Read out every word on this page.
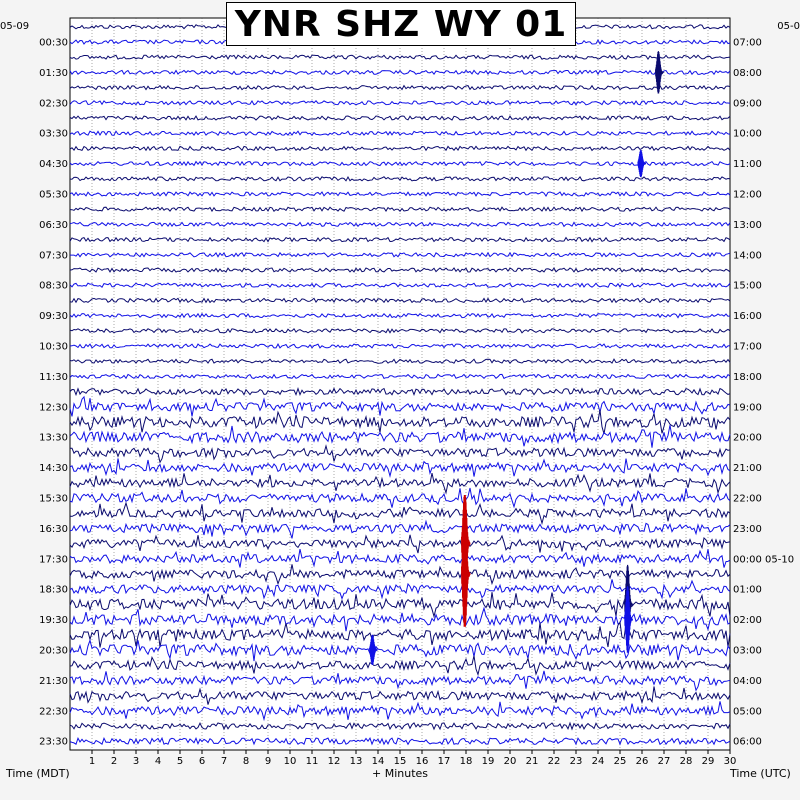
YNR SHZ WY 01
05-09	05-0
Time (MDT)	+ Minutes	Time (UTC)
00:30
01:30
02:30
03:30
04:30
05:30
06:30
07:30
08:30
09:30
10:30
11:30
12:30
13:30
14:30
15:30
16:30
17:30
18:30
19:30
20:30
21:30
22:30
23:30
07:00
08:00
09:00
10:00
11:00
12:00
13:00
14:00
15:00
16:00
17:00
18:00
19:00
20:00
21:00
22:00
23:00
00:00 05-10
01:00
02:00
03:00
04:00
05:00
06:00
1 2 3 4 5 6 7 8 9 10 11 12 13 14 15 16 17 18 19 20 21 22 23 24 25 26 27 28 29 30
